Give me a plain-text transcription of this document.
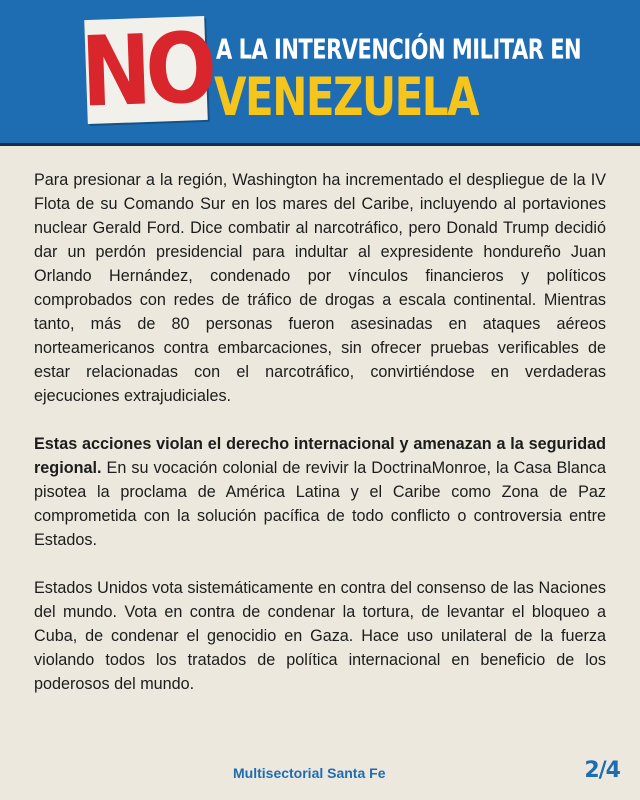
NO A LA INTERVENCIÓN MILITAR EN
VENEZUELA

Para presionar a la región, Washington ha incrementado el despliegue de la IV Flota de su Comando Sur en los mares del Caribe, incluyendo al portaviones nuclear Gerald Ford. Dice combatir al narcotráfico, pero Donald Trump decidió dar un perdón presidencial para indultar al expresidente hondureño Juan Orlando Hernández, condenado por vínculos financieros y políticos comprobados con redes de tráfico de drogas a escala continental. Mientras tanto, más de 80 personas fueron asesinadas en ataques aéreos norteamericanos contra embarcaciones, sin ofrecer pruebas verificables de estar relacionadas con el narcotráfico, convirtiéndose en verdaderas ejecuciones extrajudiciales.

Estas acciones violan el derecho internacional y amenazan a la seguridad regional. En su vocación colonial de revivir la DoctrinaMonroe, la Casa Blanca pisotea la proclama de América Latina y el Caribe como Zona de Paz comprometida con la solución pacífica de todo conflicto o controversia entre Estados.

Estados Unidos vota sistemáticamente en contra del consenso de las Naciones del mundo. Vota en contra de condenar la tortura, de levantar el bloqueo a Cuba, de condenar el genocidio en Gaza. Hace uso unilateral de la fuerza violando todos los tratados de política internacional en beneficio de los poderosos del mundo.

Multisectorial Santa Fe	2/4
